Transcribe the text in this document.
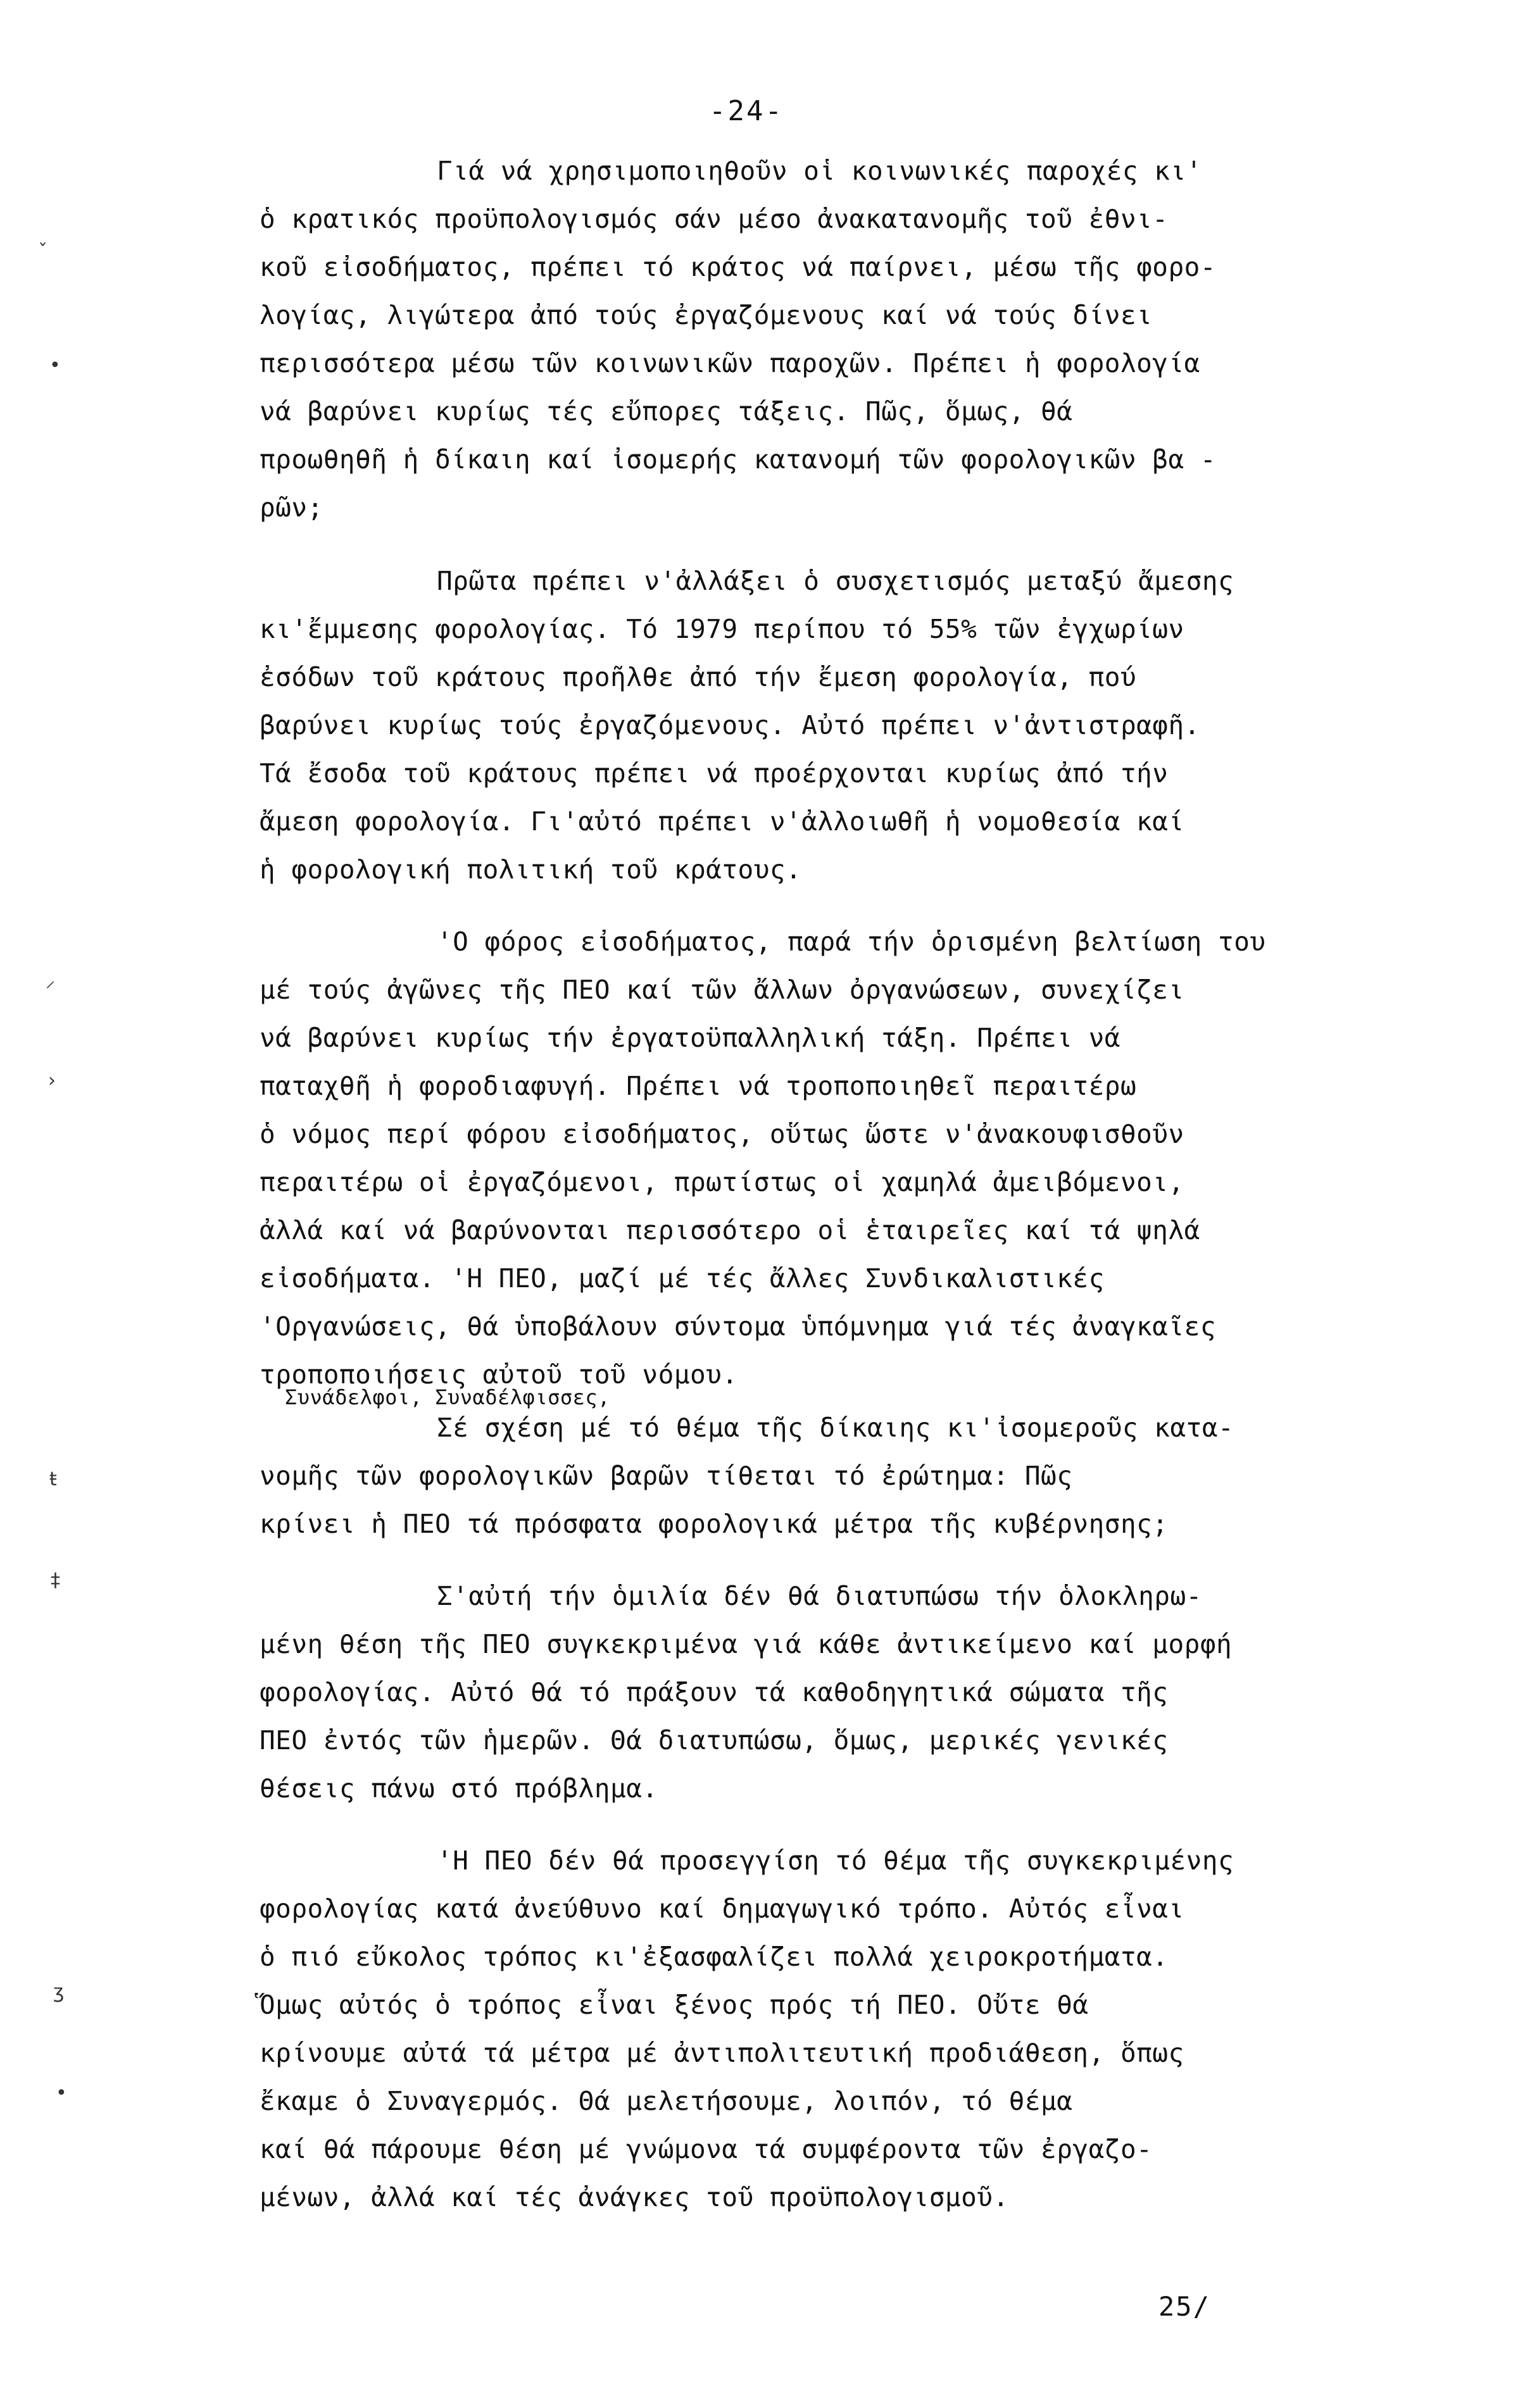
-24-
Γιά νά χρησιμοποιηθοῦν οἱ κοινωνικές παροχές κι'
ὁ κρατικός προϋπολογισμός σάν μέσο ἀνακατανομῆς τοῦ ἐθνι-
κοῦ εἰσοδήματος, πρέπει τό κράτος νά παίρνει, μέσω τῆς φορο-
λογίας, λιγώτερα ἀπό τούς ἐργαζόμενους καί νά τούς δίνει
περισσότερα μέσω τῶν κοινωνικῶν παροχῶν. Πρέπει ἡ φορολογία
νά βαρύνει κυρίως τές εὔπορες τάξεις. Πῶς, ὅμως, θά
προωθηθῆ ἡ δίκαιη καί ἰσομερής κατανομή τῶν φορολογικῶν βα -
ρῶν;
Πρῶτα πρέπει ν'ἀλλάξει ὁ συσχετισμός μεταξύ ἄμεσης
κι'ἔμμεσης φορολογίας. Τό 1979 περίπου τό 55% τῶν ἐγχωρίων
ἐσόδων τοῦ κράτους προῆλθε ἀπό τήν ἔμεση φορολογία, πού
βαρύνει κυρίως τούς ἐργαζόμενους. Αὐτό πρέπει ν'ἀντιστραφῆ.
Τά ἔσοδα τοῦ κράτους πρέπει νά προέρχονται κυρίως ἀπό τήν
ἄμεση φορολογία. Γι'αὐτό πρέπει ν'ἀλλοιωθῆ ἡ νομοθεσία καί
ἡ φορολογική πολιτική τοῦ κράτους.
'Ο φόρος εἰσοδήματος, παρά τήν ὁρισμένη βελτίωση του
μέ τούς ἀγῶνες τῆς ΠΕΟ καί τῶν ἄλλων ὀργανώσεων, συνεχίζει
νά βαρύνει κυρίως τήν ἐργατοϋπαλληλική τάξη. Πρέπει νά
παταχθῆ ἡ φοροδιαφυγή. Πρέπει νά τροποποιηθεῖ περαιτέρω
ὁ νόμος περί φόρου εἰσοδήματος, οὕτως ὥστε ν'ἀνακουφισθοῦν
περαιτέρω οἱ ἐργαζόμενοι, πρωτίστως οἱ χαμηλά ἀμειβόμενοι,
ἀλλά καί νά βαρύνονται περισσότερο οἱ ἑταιρεῖες καί τά ψηλά
εἰσοδήματα. 'Η ΠΕΟ, μαζί μέ τές ἄλλες Συνδικαλιστικές
'Οργανώσεις, θά ὑποβάλουν σύντομα ὑπόμνημα γιά τές ἀναγκαῖες
τροποποιήσεις αὐτοῦ τοῦ νόμου.
Συνάδελφοι, Συναδέλφισσες,
Σέ σχέση μέ τό θέμα τῆς δίκαιης κι'ἰσομεροῦς κατα-
νομῆς τῶν φορολογικῶν βαρῶν τίθεται τό ἐρώτημα: Πῶς
κρίνει ἡ ΠΕΟ τά πρόσφατα φορολογικά μέτρα τῆς κυβέρνησης;
Σ'αὐτή τήν ὁμιλία δέν θά διατυπώσω τήν ὁλοκληρω-
μένη θέση τῆς ΠΕΟ συγκεκριμένα γιά κάθε ἀντικείμενο καί μορφή
φορολογίας. Αὐτό θά τό πράξουν τά καθοδηγητικά σώματα τῆς
ΠΕΟ ἐντός τῶν ἡμερῶν. Θά διατυπώσω, ὅμως, μερικές γενικές
θέσεις πάνω στό πρόβλημα.
'Η ΠΕΟ δέν θά προσεγγίση τό θέμα τῆς συγκεκριμένης
φορολογίας κατά ἀνεύθυνο καί δημαγωγικό τρόπο. Αὐτός εἶναι
ὁ πιό εὔκολος τρόπος κι'ἐξασφαλίζει πολλά χειροκροτήματα.
Ὅμως αὐτός ὁ τρόπος εἶναι ξένος πρός τή ΠΕΟ. Οὔτε θά
κρίνουμε αὐτά τά μέτρα μέ ἀντιπολιτευτική προδιάθεση, ὅπως
ἔκαμε ὁ Συναγερμός. Θά μελετήσουμε, λοιπόν, τό θέμα
καί θά πάρουμε θέση μέ γνώμονα τά συμφέροντα τῶν ἐργαζο-
μένων, ἀλλά καί τές ἀνάγκες τοῦ προϋπολογισμοῦ.
25/
ˇ
•
⸍
›
ŧ
‡
ʒ
•
